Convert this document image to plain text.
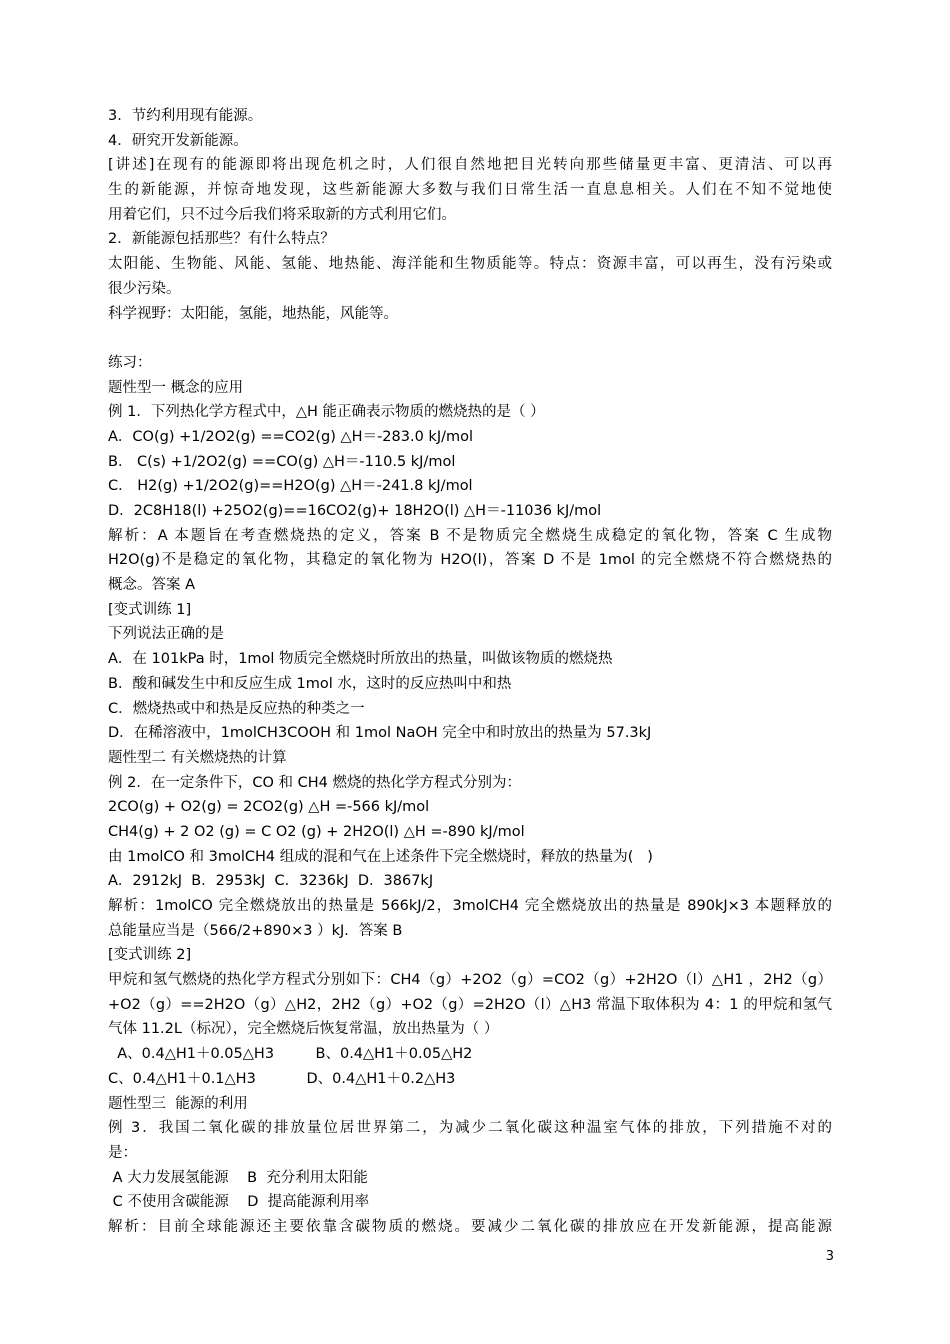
3．节约利用现有能源。
4．研究开发新能源。
[讲述]在现有的能源即将出现危机之时，人们很自然地把目光转向那些储量更丰富、更清洁、可以再
生的新能源，并惊奇地发现，这些新能源大多数与我们日常生活一直息息相关。人们在不知不觉地使
用着它们，只不过今后我们将采取新的方式利用它们。
2．新能源包括那些？有什么特点？
太阳能、生物能、风能、氢能、地热能、海洋能和生物质能等。特点：资源丰富，可以再生，没有污染或
很少污染。
科学视野：太阳能，氢能，地热能，风能等。
练习：
题性型一 概念的应用
例 1．下列热化学方程式中，△H 能正确表示物质的燃烧热的是（ ）
A．CO(g) +1/2O2(g) ==CO2(g) △H＝-283.0 kJ/mol
B． C(s) +1/2O2(g) ==CO(g) △H＝-110.5 kJ/mol
C． H2(g) +1/2O2(g)==H2O(g) △H＝-241.8 kJ/mol
D．2C8H18(l) +25O2(g)==16CO2(g)+ 18H2O(l) △H＝-11036 kJ/mol
解析：A 本题旨在考查燃烧热的定义，答案 B 不是物质完全燃烧生成稳定的氧化物，答案 C 生成物
H2O(g)不是稳定的氧化物，其稳定的氧化物为 H2O(l)，答案 D 不是 1mol 的完全燃烧不符合燃烧热的
概念。答案 A
[变式训练 1]
下列说法正确的是
A．在 101kPa 时，1mol 物质完全燃烧时所放出的热量，叫做该物质的燃烧热
B．酸和碱发生中和反应生成 1mol 水，这时的反应热叫中和热
C．燃烧热或中和热是反应热的种类之一
D．在稀溶液中，1molCH3COOH 和 1mol NaOH 完全中和时放出的热量为 57.3kJ
题性型二 有关燃烧热的计算
例 2．在一定条件下，CO 和 CH4 燃烧的热化学方程式分别为：
2CO(g) + O2(g) = 2CO2(g) △H =-566 kJ/mol
CH4(g) + 2 O2 (g) = C O2 (g) + 2H2O(l) △H =-890 kJ/mol
由 1molCO 和 3molCH4 组成的混和气在上述条件下完全燃烧时，释放的热量为(   )
A．2912kJ  B．2953kJ  C．3236kJ  D．3867kJ
解析：1molCO 完全燃烧放出的热量是 566kJ/2，3molCH4 完全燃烧放出的热量是 890kJ×3 本题释放的
总能量应当是（566/2+890×3 ）kJ．答案 B
[变式训练 2]
甲烷和氢气燃烧的热化学方程式分别如下：CH4（g）+2O2（g）=CO2（g）+2H2O（l）△H1 ，2H2（g）
+O2（g）==2H2O（g）△H2，2H2（g）+O2（g）=2H2O（l）△H3 常温下取体积为 4：1 的甲烷和氢气
气体 11.2L（标况），完全燃烧后恢复常温，放出热量为（ ）
A、0.4△H1＋0.05△H3         B、0.4△H1＋0.05△H2
C、0.4△H1＋0.1△H3           D、0.4△H1＋0.2△H3
题性型三  能源的利用
例 3．我国二氧化碳的排放量位居世界第二，为减少二氧化碳这种温室气体的排放，下列措施不对的
是：
A 大力发展氢能源    B  充分利用太阳能
C 不使用含碳能源    D  提高能源利用率
解析：目前全球能源还主要依靠含碳物质的燃烧。要减少二氧化碳的排放应在开发新能源，提高能源
3
